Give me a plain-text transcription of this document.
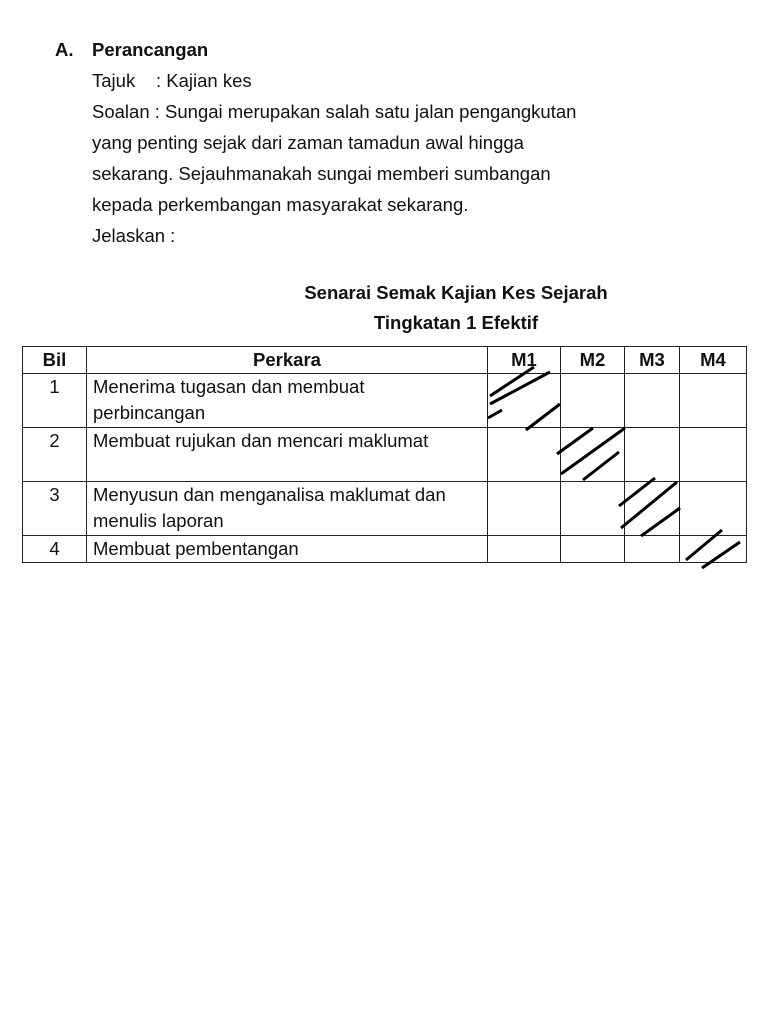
A.	Perancangan
Tajuk	: Kajian kes
Soalan : Sungai merupakan salah satu jalan pengangkutan
yang penting sejak dari zaman tamadun awal hingga
sekarang. Sejauhmanakah sungai memberi sumbangan
kepada perkembangan masyarakat sekarang.
Jelaskan :
Senarai Semak Kajian Kes Sejarah
Tingkatan 1 Efektif
Bil	Perkara	M1	M2	M3	M4
1	Menerima tugasan dan membuat perbincangan	

2	Membuat rujukan dan mencari maklumat		

3	Menyusun dan menganalisa maklumat dan menulis laporan			

4	Membuat pembentangan				
